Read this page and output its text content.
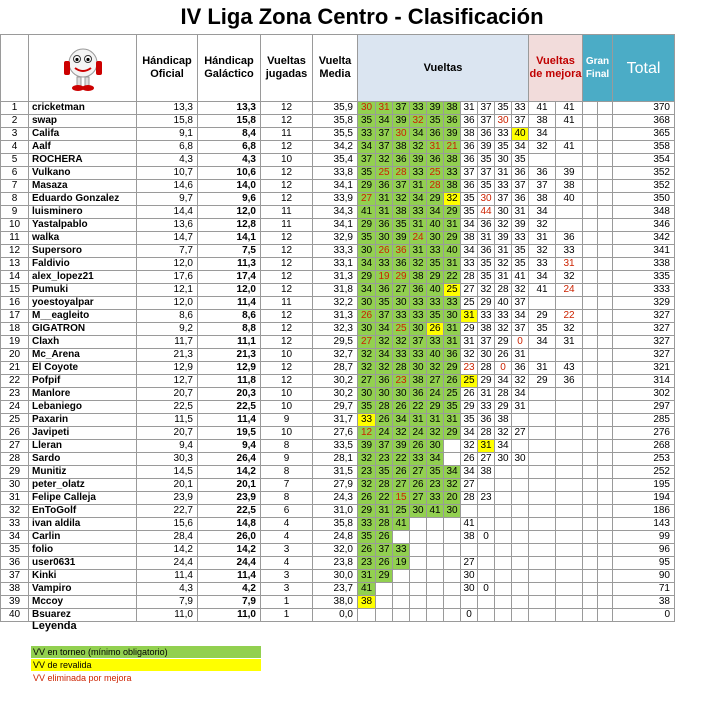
IV Liga Zona Centro - Clasificación

	Hándicap Oficial	Hándicap Galáctico	Vueltas jugadas	Vuelta Media	Vueltas										Vueltas de mejora		Gran Final		Total
1	cricketman	13,3	13,3	12	35,9	30	31	37	33	39	38	31	37	35	33	41	41			370
2	swap	15,8	15,8	12	35,8	35	34	39	32	35	36	36	37	30	37	38	41			368
3	Califa	9,1	8,4	11	35,5	33	37	30	34	36	39	38	36	33	40	34				365
4	Aalf	6,8	6,8	12	34,2	34	37	38	32	31	21	36	39	35	34	32	41			358
5	ROCHERA	4,3	4,3	10	35,4	37	32	36	39	36	38	36	35	30	35					354
6	Vulkano	10,7	10,6	12	33,8	35	25	28	33	25	33	37	37	31	36	36	39			352
7	Masaza	14,6	14,0	12	34,1	29	36	37	31	28	38	36	35	33	37	37	38			352
8	Eduardo Gonzalez	9,7	9,6	12	33,9	27	31	32	34	29	32	35	30	37	36	38	40			350
9	luisminero	14,4	12,0	11	34,3	41	31	38	33	34	29	35	44	30	31	34				348
10	Yastalpablo	13,6	12,8	11	34,1	29	36	35	31	40	31	34	36	32	39	32				346
11	walka	14,7	14,1	12	32,9	35	30	39	24	30	29	38	31	39	33	31	36			342
12	Supersoro	7,7	7,5	12	33,3	30	26	36	31	33	40	34	36	31	35	32	33			341
13	Faldivio	12,0	11,3	12	33,1	34	33	36	32	35	31	33	35	32	35	33	31			338
14	alex_lopez21	17,6	17,4	12	31,3	29	19	29	38	29	22	28	35	31	41	34	32			335
15	Pumuki	12,1	12,0	12	31,8	34	36	27	36	40	25	27	32	28	32	41	24			333
16	yoestoyalpar	12,0	11,4	11	32,2	30	35	30	33	33	33	25	29	40	37					329
17	M__eagleito	8,6	8,6	12	31,3	26	37	33	33	35	30	31	33	33	34	29	22			327
18	GIGATRON	9,2	8,8	12	32,3	30	34	25	30	26	31	29	38	32	37	35	32			327
19	Claxh	11,7	11,1	12	29,5	27	32	32	37	33	31	31	37	29	0	34	31			327
20	Mc_Arena	21,3	21,3	10	32,7	32	34	33	33	40	36	32	30	26	31					327
21	El Coyote	12,9	12,9	12	28,7	32	32	28	30	32	29	23	28	0	36	31	43			321
22	Pofpif	12,7	11,8	12	30,2	27	36	23	38	27	26	25	29	34	32	29	36			314
23	Manlore	20,7	20,3	10	30,2	30	30	30	36	24	25	26	31	28	34					302
24	Lebaniego	22,5	22,5	10	29,7	35	28	26	22	29	35	29	33	29	31					297
25	Paxarin	11,5	11,4	9	31,7	33	26	34	31	31	31	35	36	38						285
26	Javipeti	20,7	19,5	10	27,6	12	24	32	24	32	29	34	28	32	27					276
27	Lleran	9,4	9,4	8	33,5	39	37	39	26	30		32	31	34						268
28	Sardo	30,3	26,4	9	28,1	32	23	22	33	34		26	27	30	30					253
29	Munitiz	14,5	14,2	8	31,5	23	35	26	27	35	34	34	38							252
30	peter_olatz	20,1	20,1	7	27,9	32	28	27	26	23	32	27								195
31	Felipe Calleja	23,9	23,9	8	24,3	26	22	15	27	33	20	28	23							194
32	EnToGolf	22,7	22,5	6	31,0	29	31	25	30	41	30									186
33	ivan aldila	15,6	14,8	4	35,8	33	28	41				41								143
34	Carlin	28,4	26,0	4	24,8	35	26					38	0							99
35	folio	14,2	14,2	3	32,0	26	37	33												96
36	user0631	24,4	24,4	4	23,8	23	26	19				27								95
37	Kinki	11,4	11,4	3	30,0	31	29					30								90
38	Vampiro	4,3	4,2	3	23,7	41						30	0							71
39	Mccoy	7,9	7,9	1	38,0	38														38
40	Bsuarez	11,0	11,0	1	0,0							0								0
Leyenda
VV en torneo (mínimo obligatorio)
VV de revalida
VV eliminada por mejora
